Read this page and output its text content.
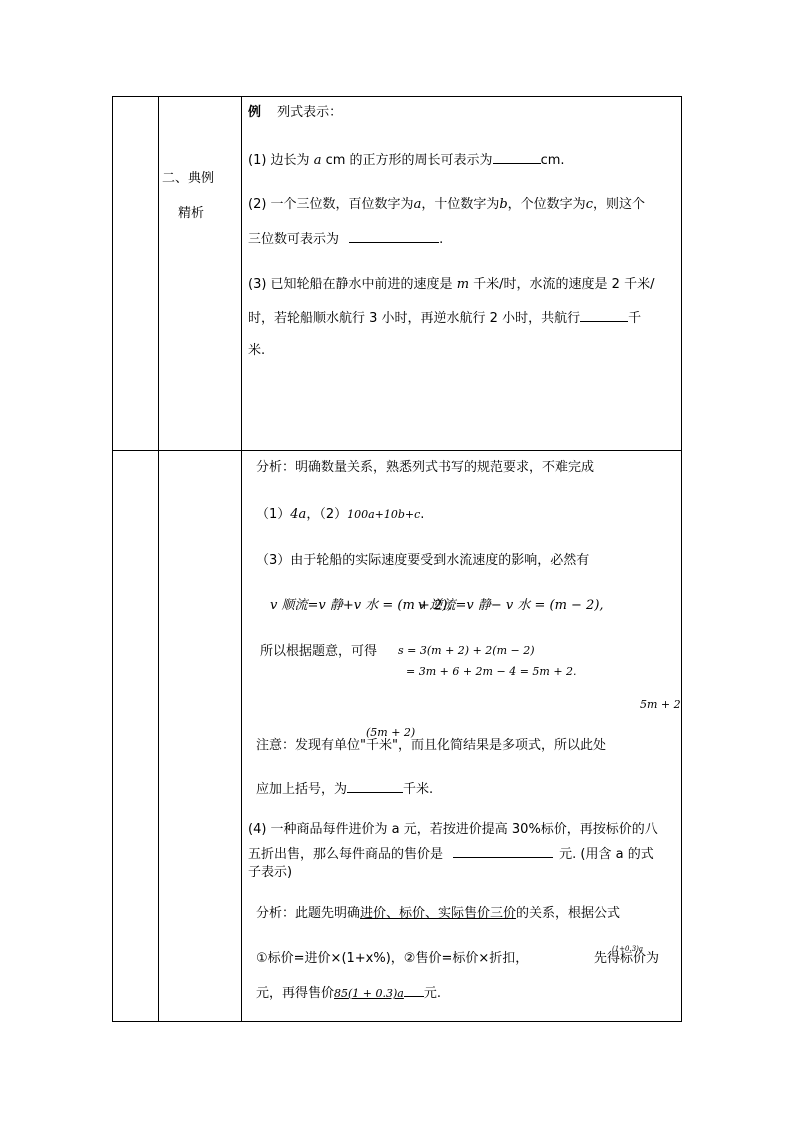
二、典例
精析
例 列式表示：
(1) 边长为 a cm 的正方形的周长可表示为	cm.
(2) 一个三位数，百位数字为a，十位数字为b，个位数字为c，则这个
三位数可表示为	.
(3) 已知轮船在静水中前进的速度是 m 千米/时，水流的速度是 2 千米/
时，若轮船顺水航行 3 小时，再逆水航行 2 小时，共航行	千
米.
分析：明确数量关系，熟悉列式书写的规范要求，不难完成
（1）4a，（2）100a+10b+c.
（3）由于轮船的实际速度要受到水流速度的影响，必然有
v 顺流=v 静+v 水 = (m + 2),
v 逆流=v 静− v 水 = (m − 2),
所以根据题意，可得 s = 3(m + 2) + 2(m − 2)
= 3m + 6 + 2m − 4 = 5m + 2.
5m + 2
(5m + 2)
注意：发现有单位"千米"，而且化简结果是多项式，所以此处
应加上括号，为	千米.
(4) 一种商品每件进价为 a 元，若按进价提高 30%标价，再按标价的八
五折出售，那么每件商品的售价是	元. (用含 a 的式
子表示)
分析：此题先明确进价、标价、实际售价三价的关系，根据公式
①标价=进价×(1+x%)，②售价=标价×折扣，	先得标价为
(1+0.3)a
元，再得售价85(1 + 0.3)a 元.
